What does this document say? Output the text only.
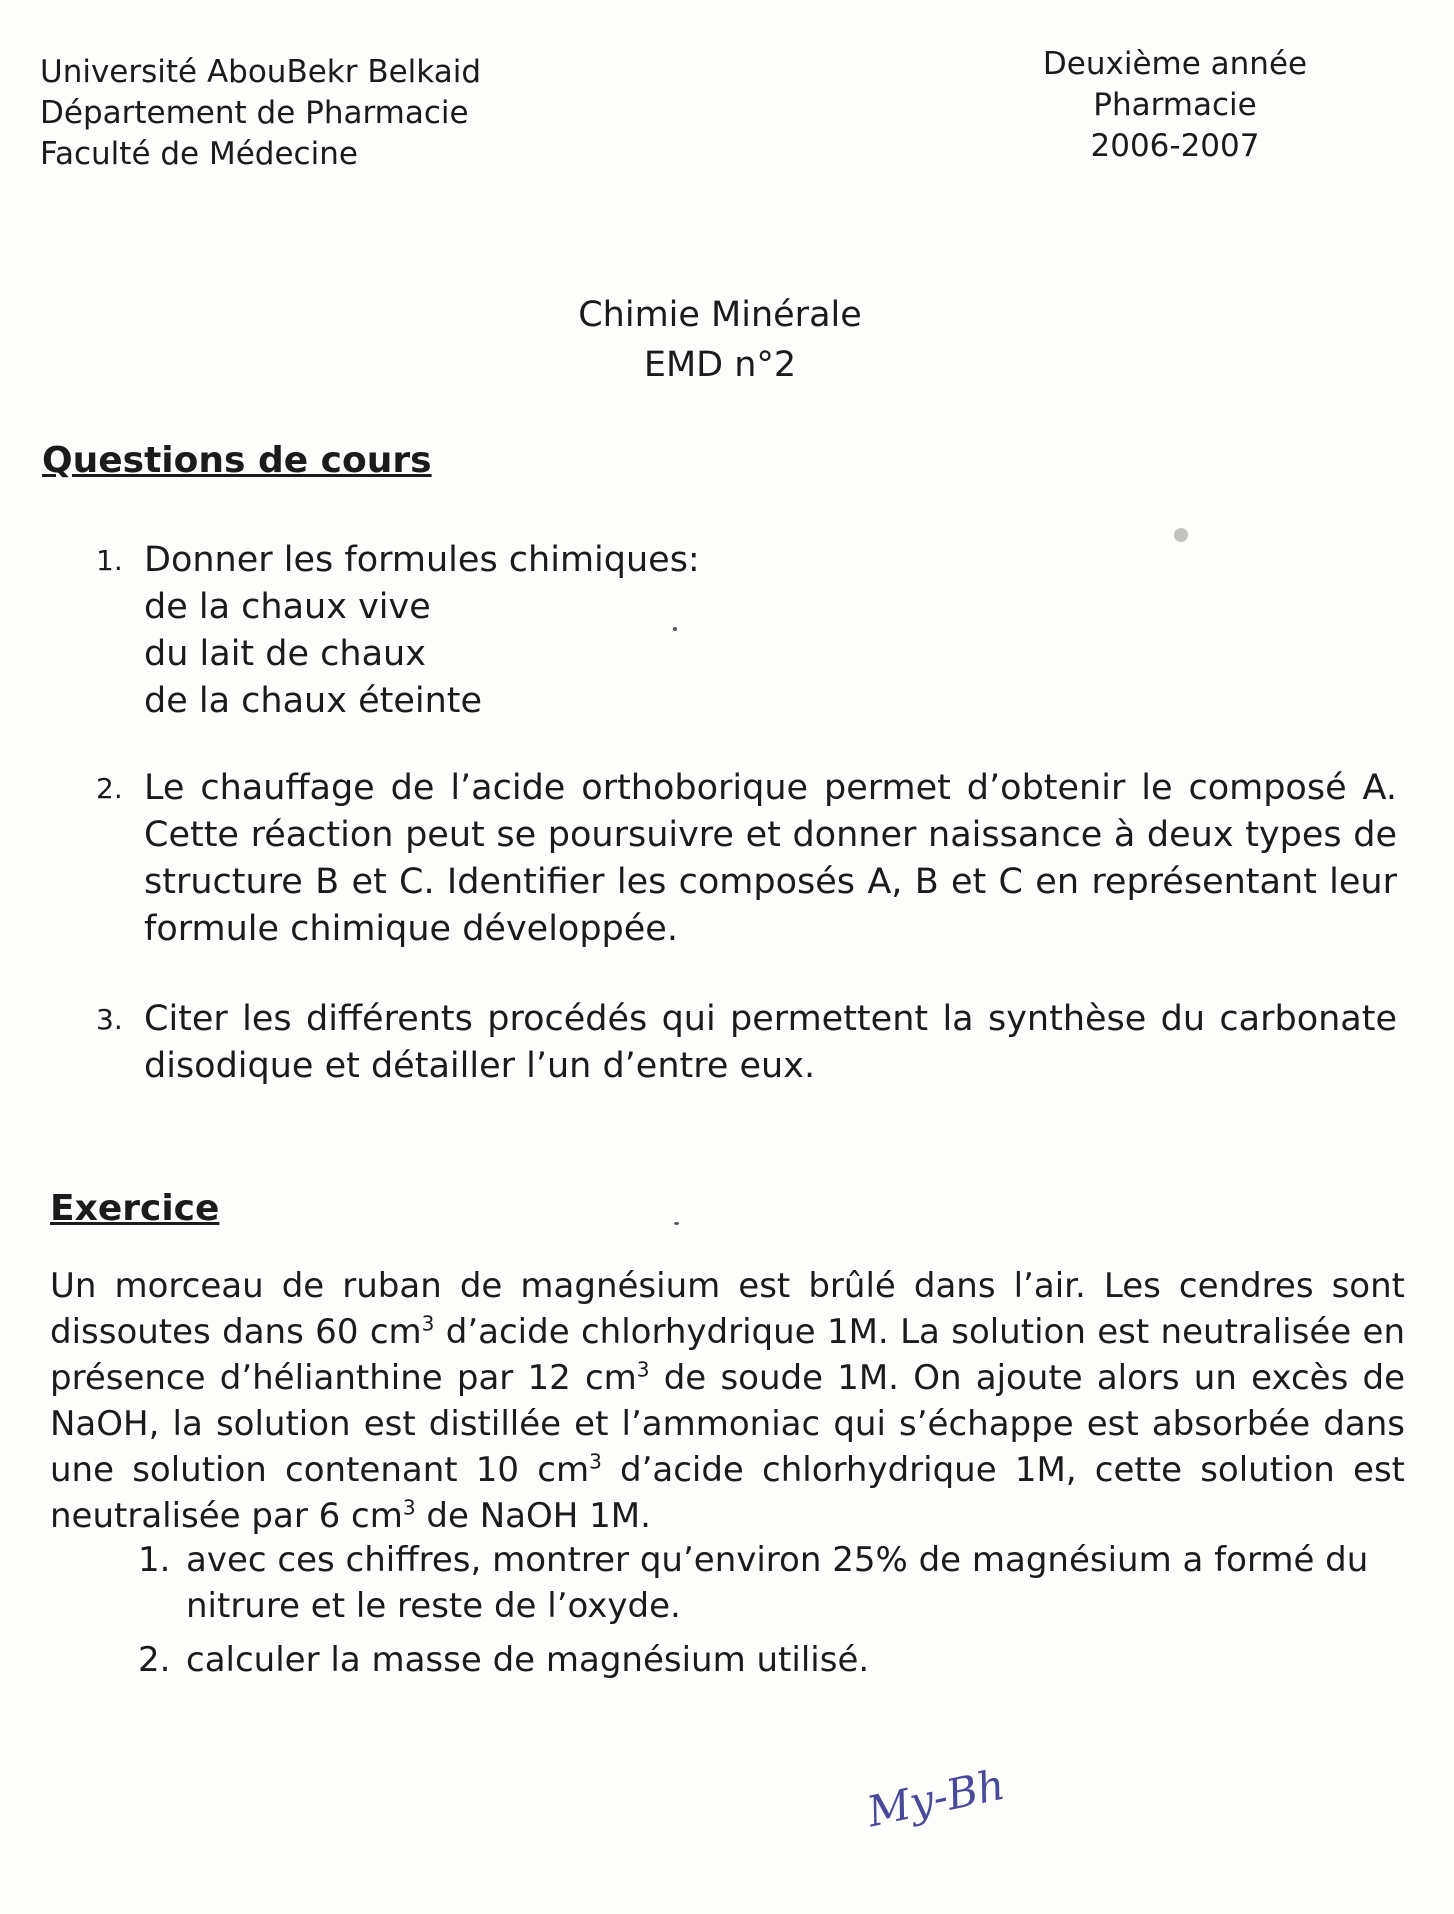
Université AbouBekr Belkaid
Département de Pharmacie
Faculté de Médecine
Deuxième année Pharmacie
2006-2007
Chimie Minérale
EMD n°2
Questions de cours
1. Donner les formules chimiques:
de la chaux vive
du lait de chaux
de la chaux éteinte
2. Le chauffage de l’acide orthoborique permet d’obtenir le composé A. Cette réaction peut se poursuivre et donner naissance à deux types de structure B et C. Identifier les composés A, B et C en représentant leur formule chimique développée.
3. Citer les différents procédés qui permettent la synthèse du carbonate disodique et détailler l’un d’entre eux.
Exercice
Un morceau de ruban de magnésium est brûlé dans l’air. Les cendres sont dissoutes dans 60 $cm^3$ d’acide chlorhydrique 1M. La solution est neutralisée en présence d’hélianthine par 12 $cm^3$ de soude 1M. On ajoute alors un excès de NaOH, la solution est distillée et l’ammoniac qui s’échappe est absorbée dans une solution contenant 10 $cm^3$ d’acide chlorhydrique 1M, cette solution est neutralisée par 6 $cm^3$ de NaOH 1M.
1. avec ces chiffres, montrer qu’environ 25% de magnésium a formé du nitrure et le reste de l’oxyde.
2. calculer la masse de magnésium utilisé.
My-Bh
